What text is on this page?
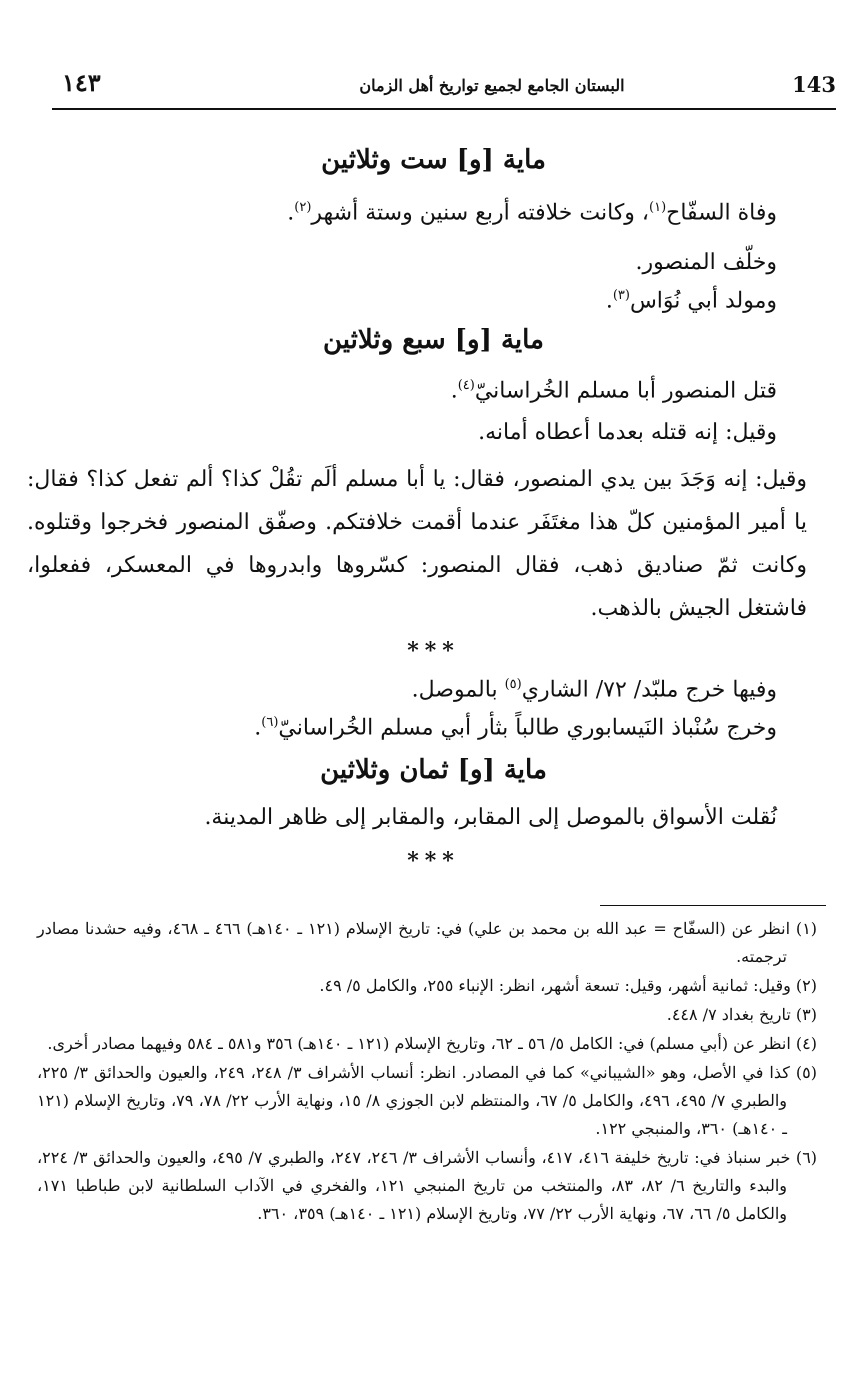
١٤٣	البستان الجامع لجميع تواريخ أهل الزمان	143
ماية [و] ست وثلاثين
وفاة السفّاح$^{(١)}$، وكانت خلافته أربع سنين وستة أشهر$^{(٢)}$.
وخلّف المنصور.
ومولد أبي نُوَاس$^{(٣)}$.
ماية [و] سبع وثلاثين
قتل المنصور أبا مسلم الخُراسانيّ$^{(٤)}$.
وقيل: إنه قتله بعدما أعطاه أمانه.
وقيل: إنه وَجَدَ بين يدي المنصور، فقال: يا أبا مسلم ألَم تقُلْ كذا؟ ألم تفعل كذا؟ فقال: يا أمير المؤمنين كلّ هذا مغتَفَر عندما أقمت خلافتكم. وصفّق المنصور فخرجوا وقتلوه. وكانت ثمّ صناديق ذهب، فقال المنصور: كسّروها وابدروها في المعسكر، ففعلوا، فاشتغل الجيش بالذهب.
***
وفيها خرج ملبّد/ ٧٢/ الشاري$^{(٥)}$ بالموصل.
وخرج سُنْباذ النَيسابوري طالباً بثأر أبي مسلم الخُراسانيّ$^{(٦)}$.
ماية [و] ثمان وثلاثين
نُقلت الأسواق بالموصل إلى المقابر، والمقابر إلى ظاهر المدينة.
***

(١) انظر عن (السفّاح = عبد الله بن محمد بن علي) في: تاريخ الإسلام (١٢١ ـ ١٤٠هـ) ٤٦٦ ـ ٤٦٨، وفيه حشدنا مصادر ترجمته.

(٢) وقيل: ثمانية أشهر، وقيل: تسعة أشهر، انظر: الإنباء ٢٥٥، والكامل ٥/ ٤٩.

(٣) تاريخ بغداد ٧/ ٤٤٨.

(٤) انظر عن (أبي مسلم) في: الكامل ٥/ ٥٦ ـ ٦٢، وتاريخ الإسلام (١٢١ ـ ١٤٠هـ) ٣٥٦ و٥٨١ ـ ٥٨٤ وفيهما مصادر أخرى.

(٥) كذا في الأصل، وهو «الشيباني» كما في المصادر. انظر: أنساب الأشراف ٣/ ٢٤٨، ٢٤٩، والعيون والحدائق ٣/ ٢٢٥، والطبري ٧/ ٤٩٥، ٤٩٦، والكامل ٥/ ٦٧، والمنتظم لابن الجوزي ٨/ ١٥، ونهاية الأرب ٢٢/ ٧٨، ٧٩، وتاريخ الإسلام (١٢١ ـ ١٤٠هـ) ٣٦٠، والمنبجي ١٢٢.

(٦) خبر سنباذ في: تاريخ خليفة ٤١٦، ٤١٧، وأنساب الأشراف ٣/ ٢٤٦، ٢٤٧، والطبري ٧/ ٤٩٥، والعيون والحدائق ٣/ ٢٢٤، والبدء والتاريخ ٦/ ٨٢، ٨٣، والمنتخب من تاريخ المنبجي ١٢١، والفخري في الآداب السلطانية لابن طباطبا ١٧١، والكامل ٥/ ٦٦، ٦٧، ونهاية الأرب ٢٢/ ٧٧، وتاريخ الإسلام (١٢١ ـ ١٤٠هـ) ٣٥٩، ٣٦٠.
